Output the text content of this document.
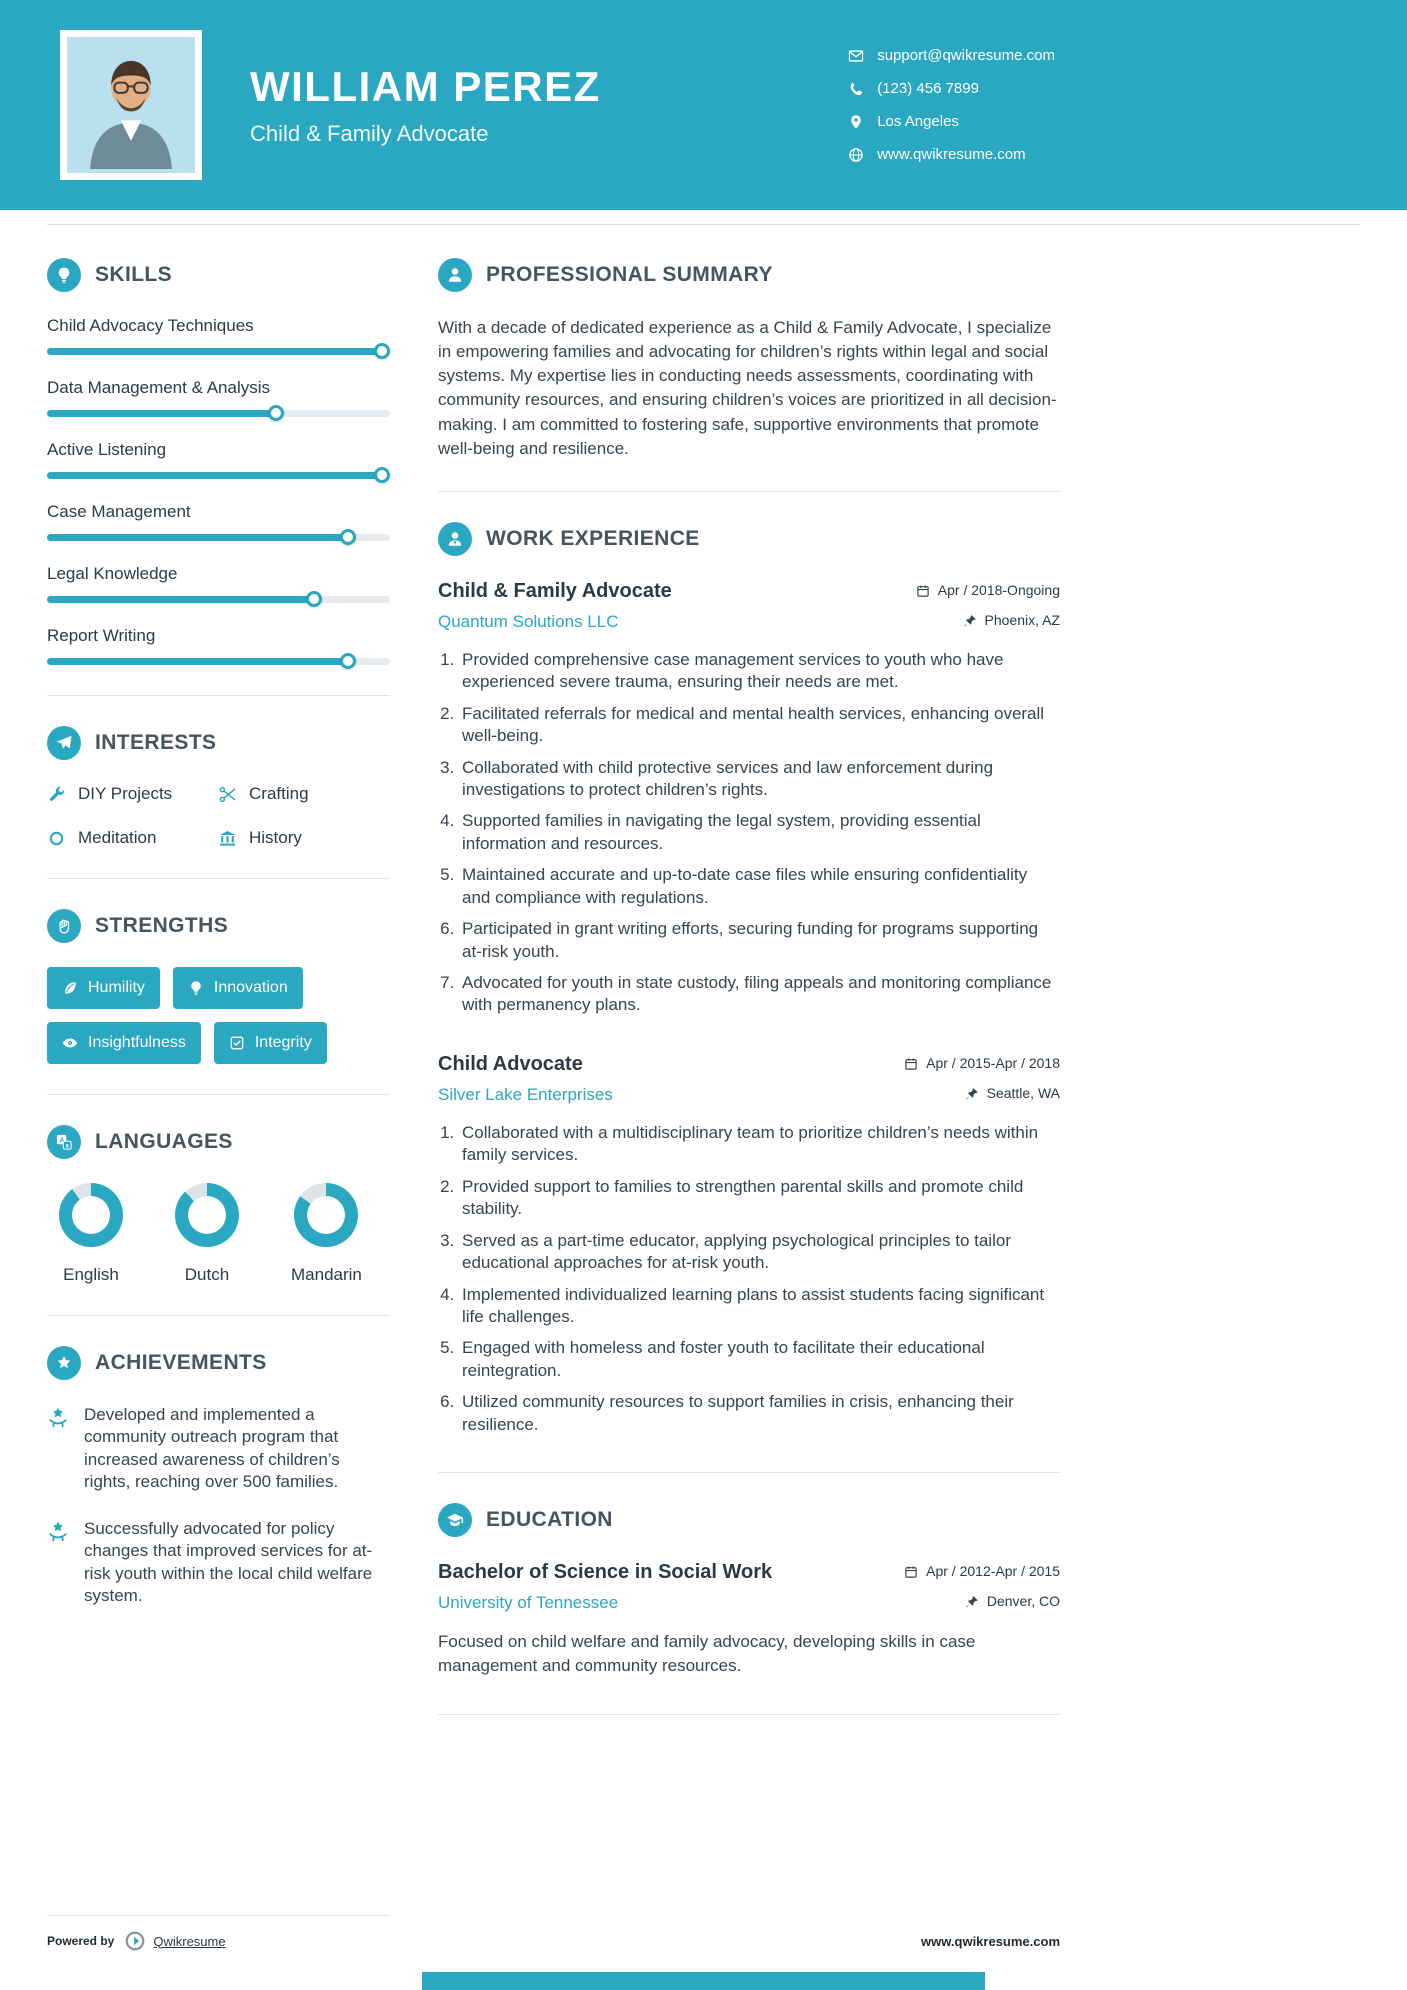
WILLIAM PEREZ
Child & Family Advocate
support@qwikresume.com
(123) 456 7899
Los Angeles
www.qwikresume.com
SKILLS
Child Advocacy Techniques
Data Management & Analysis
Active Listening
Case Management
Legal Knowledge
Report Writing
INTERESTS
DIY Projects	Crafting
Meditation	History
STRENGTHS
Humility	Innovation
Insightfulness	Integrity
LANGUAGES
English	Dutch	Mandarin
ACHIEVEMENTS

Developed and implemented a community outreach program that increased awareness of children’s rights, reaching over 500 families.

Successfully advocated for policy changes that improved services for at-risk youth within the local child welfare system.

PROFESSIONAL SUMMARY

With a decade of dedicated experience as a Child & Family Advocate, I specialize in empowering families and advocating for children’s rights within legal and social systems. My expertise lies in conducting needs assessments, coordinating with community resources, and ensuring children’s voices are prioritized in all decision-making. I am committed to fostering safe, supportive environments that promote well-being and resilience.

WORK EXPERIENCE
Child & Family Advocate	Apr / 2018-Ongoing
Quantum Solutions LLC	Phoenix, AZ
1. Provided comprehensive case management services to youth who have experienced severe trauma, ensuring their needs are met.
2. Facilitated referrals for medical and mental health services, enhancing overall well-being.
3. Collaborated with child protective services and law enforcement during investigations to protect children’s rights.
4. Supported families in navigating the legal system, providing essential information and resources.
5. Maintained accurate and up-to-date case files while ensuring confidentiality and compliance with regulations.
6. Participated in grant writing efforts, securing funding for programs supporting at-risk youth.
7. Advocated for youth in state custody, filing appeals and monitoring compliance with permanency plans.
Child Advocate	Apr / 2015-Apr / 2018
Silver Lake Enterprises	Seattle, WA
1. Collaborated with a multidisciplinary team to prioritize children’s needs within family services.
2. Provided support to families to strengthen parental skills and promote child stability.
3. Served as a part-time educator, applying psychological principles to tailor educational approaches for at-risk youth.
4. Implemented individualized learning plans to assist students facing significant life challenges.
5. Engaged with homeless and foster youth to facilitate their educational reintegration.
6. Utilized community resources to support families in crisis, enhancing their resilience.
EDUCATION
Bachelor of Science in Social Work	Apr / 2012-Apr / 2015
University of Tennessee	Denver, CO

Focused on child welfare and family advocacy, developing skills in case management and community resources.

Powered by	Qwikresume	www.qwikresume.com
